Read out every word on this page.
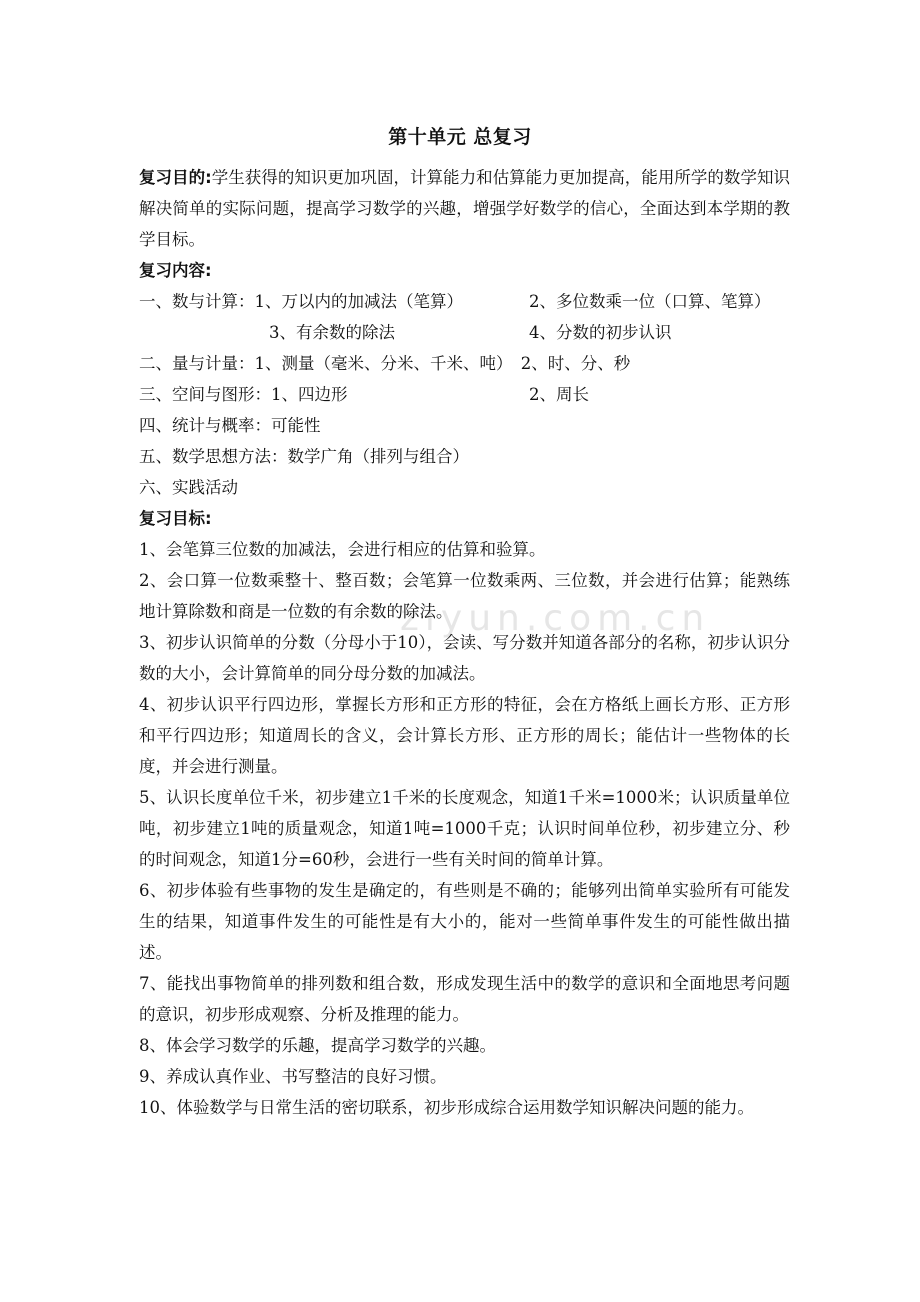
第十单元 总复习
ziyun.com.cn

复习目的:学生获得的知识更加巩固，计算能力和估算能力更加提高，能用所学的数学知识解决简单的实际问题，提高学习数学的兴趣，增强学好数学的信心，全面达到本学期的教学目标。

复习内容:
一、数与计算：1、万以内的加减法（笔算）	2、多位数乘一位（口算、笔算）
3、有余数的除法	4、分数的初步认识
二、量与计量：1、测量（毫米、分米、千米、吨）　2、时、分、秒
三、空间与图形：1、四边形	2、周长
四、统计与概率：可能性
五、数学思想方法：数学广角（排列与组合）
六、实践活动
复习目标:

1、会笔算三位数的加减法，会进行相应的估算和验算。

2、会口算一位数乘整十、整百数；会笔算一位数乘两、三位数，并会进行估算；能熟练地计算除数和商是一位数的有余数的除法。

3、初步认识简单的分数（分母小于10），会读、写分数并知道各部分的名称，初步认识分数的大小，会计算简单的同分母分数的加减法。

4、初步认识平行四边形，掌握长方形和正方形的特征，会在方格纸上画长方形、正方形和平行四边形；知道周长的含义，会计算长方形、正方形的周长；能估计一些物体的长度，并会进行测量。

5、认识长度单位千米，初步建立1千米的长度观念，知道1千米=1000米；认识质量单位吨，初步建立1吨的质量观念，知道1吨=1000千克；认识时间单位秒，初步建立分、秒的时间观念，知道1分=60秒，会进行一些有关时间的简单计算。

6、初步体验有些事物的发生是确定的，有些则是不确的；能够列出简单实验所有可能发生的结果，知道事件发生的可能性是有大小的，能对一些简单事件发生的可能性做出描述。

7、能找出事物简单的排列数和组合数，形成发现生活中的数学的意识和全面地思考问题的意识，初步形成观察、分析及推理的能力。

8、体会学习数学的乐趣，提高学习数学的兴趣。

9、养成认真作业、书写整洁的良好习惯。

10、体验数学与日常生活的密切联系，初步形成综合运用数学知识解决问题的能力。
